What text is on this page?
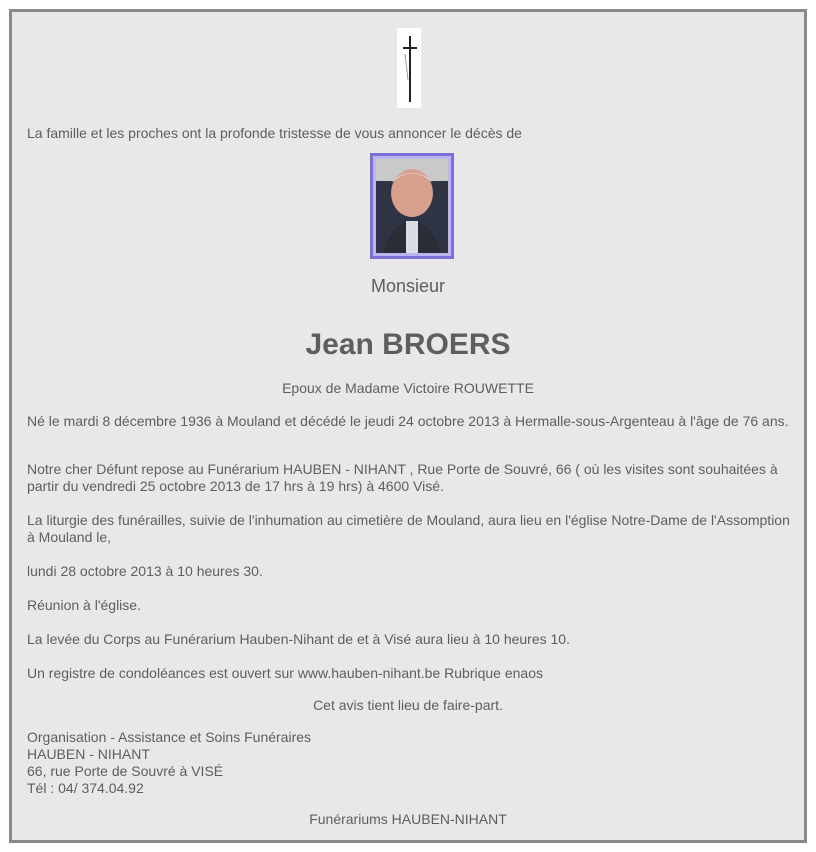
La famille et les proches ont la profonde tristesse de vous annoncer le décès de
Monsieur
Jean BROERS
Epoux de Madame Victoire ROUWETTE
Né le mardi 8 décembre 1936 à Mouland et décédé le jeudi 24 octobre 2013 à Hermalle-sous-Argenteau à l'âge de 76 ans.
Notre cher Défunt repose au Funérarium HAUBEN - NIHANT , Rue Porte de Souvré, 66 ( où les visites sont souhaitées à partir du vendredi 25 octobre 2013 de 17 hrs à 19 hrs) à 4600 Visé.
La liturgie des funérailles, suivie de l'inhumation au cimetière de Mouland, aura lieu en l'église Notre-Dame de l'Assomption à Mouland le,
lundi 28 octobre 2013 à 10 heures 30.
Réunion à l'église.
La levée du Corps au Funérarium Hauben-Nihant de et à Visé aura lieu à 10 heures 10.
Un registre de condoléances est ouvert sur www.hauben-nihant.be Rubrique enaos
Cet avis tient lieu de faire-part.
Organisation - Assistance et Soins Funéraires
HAUBEN - NIHANT
66, rue Porte de Souvré à VISÉ
Tél : 04/ 374.04.92
Funérariums HAUBEN-NIHANT
